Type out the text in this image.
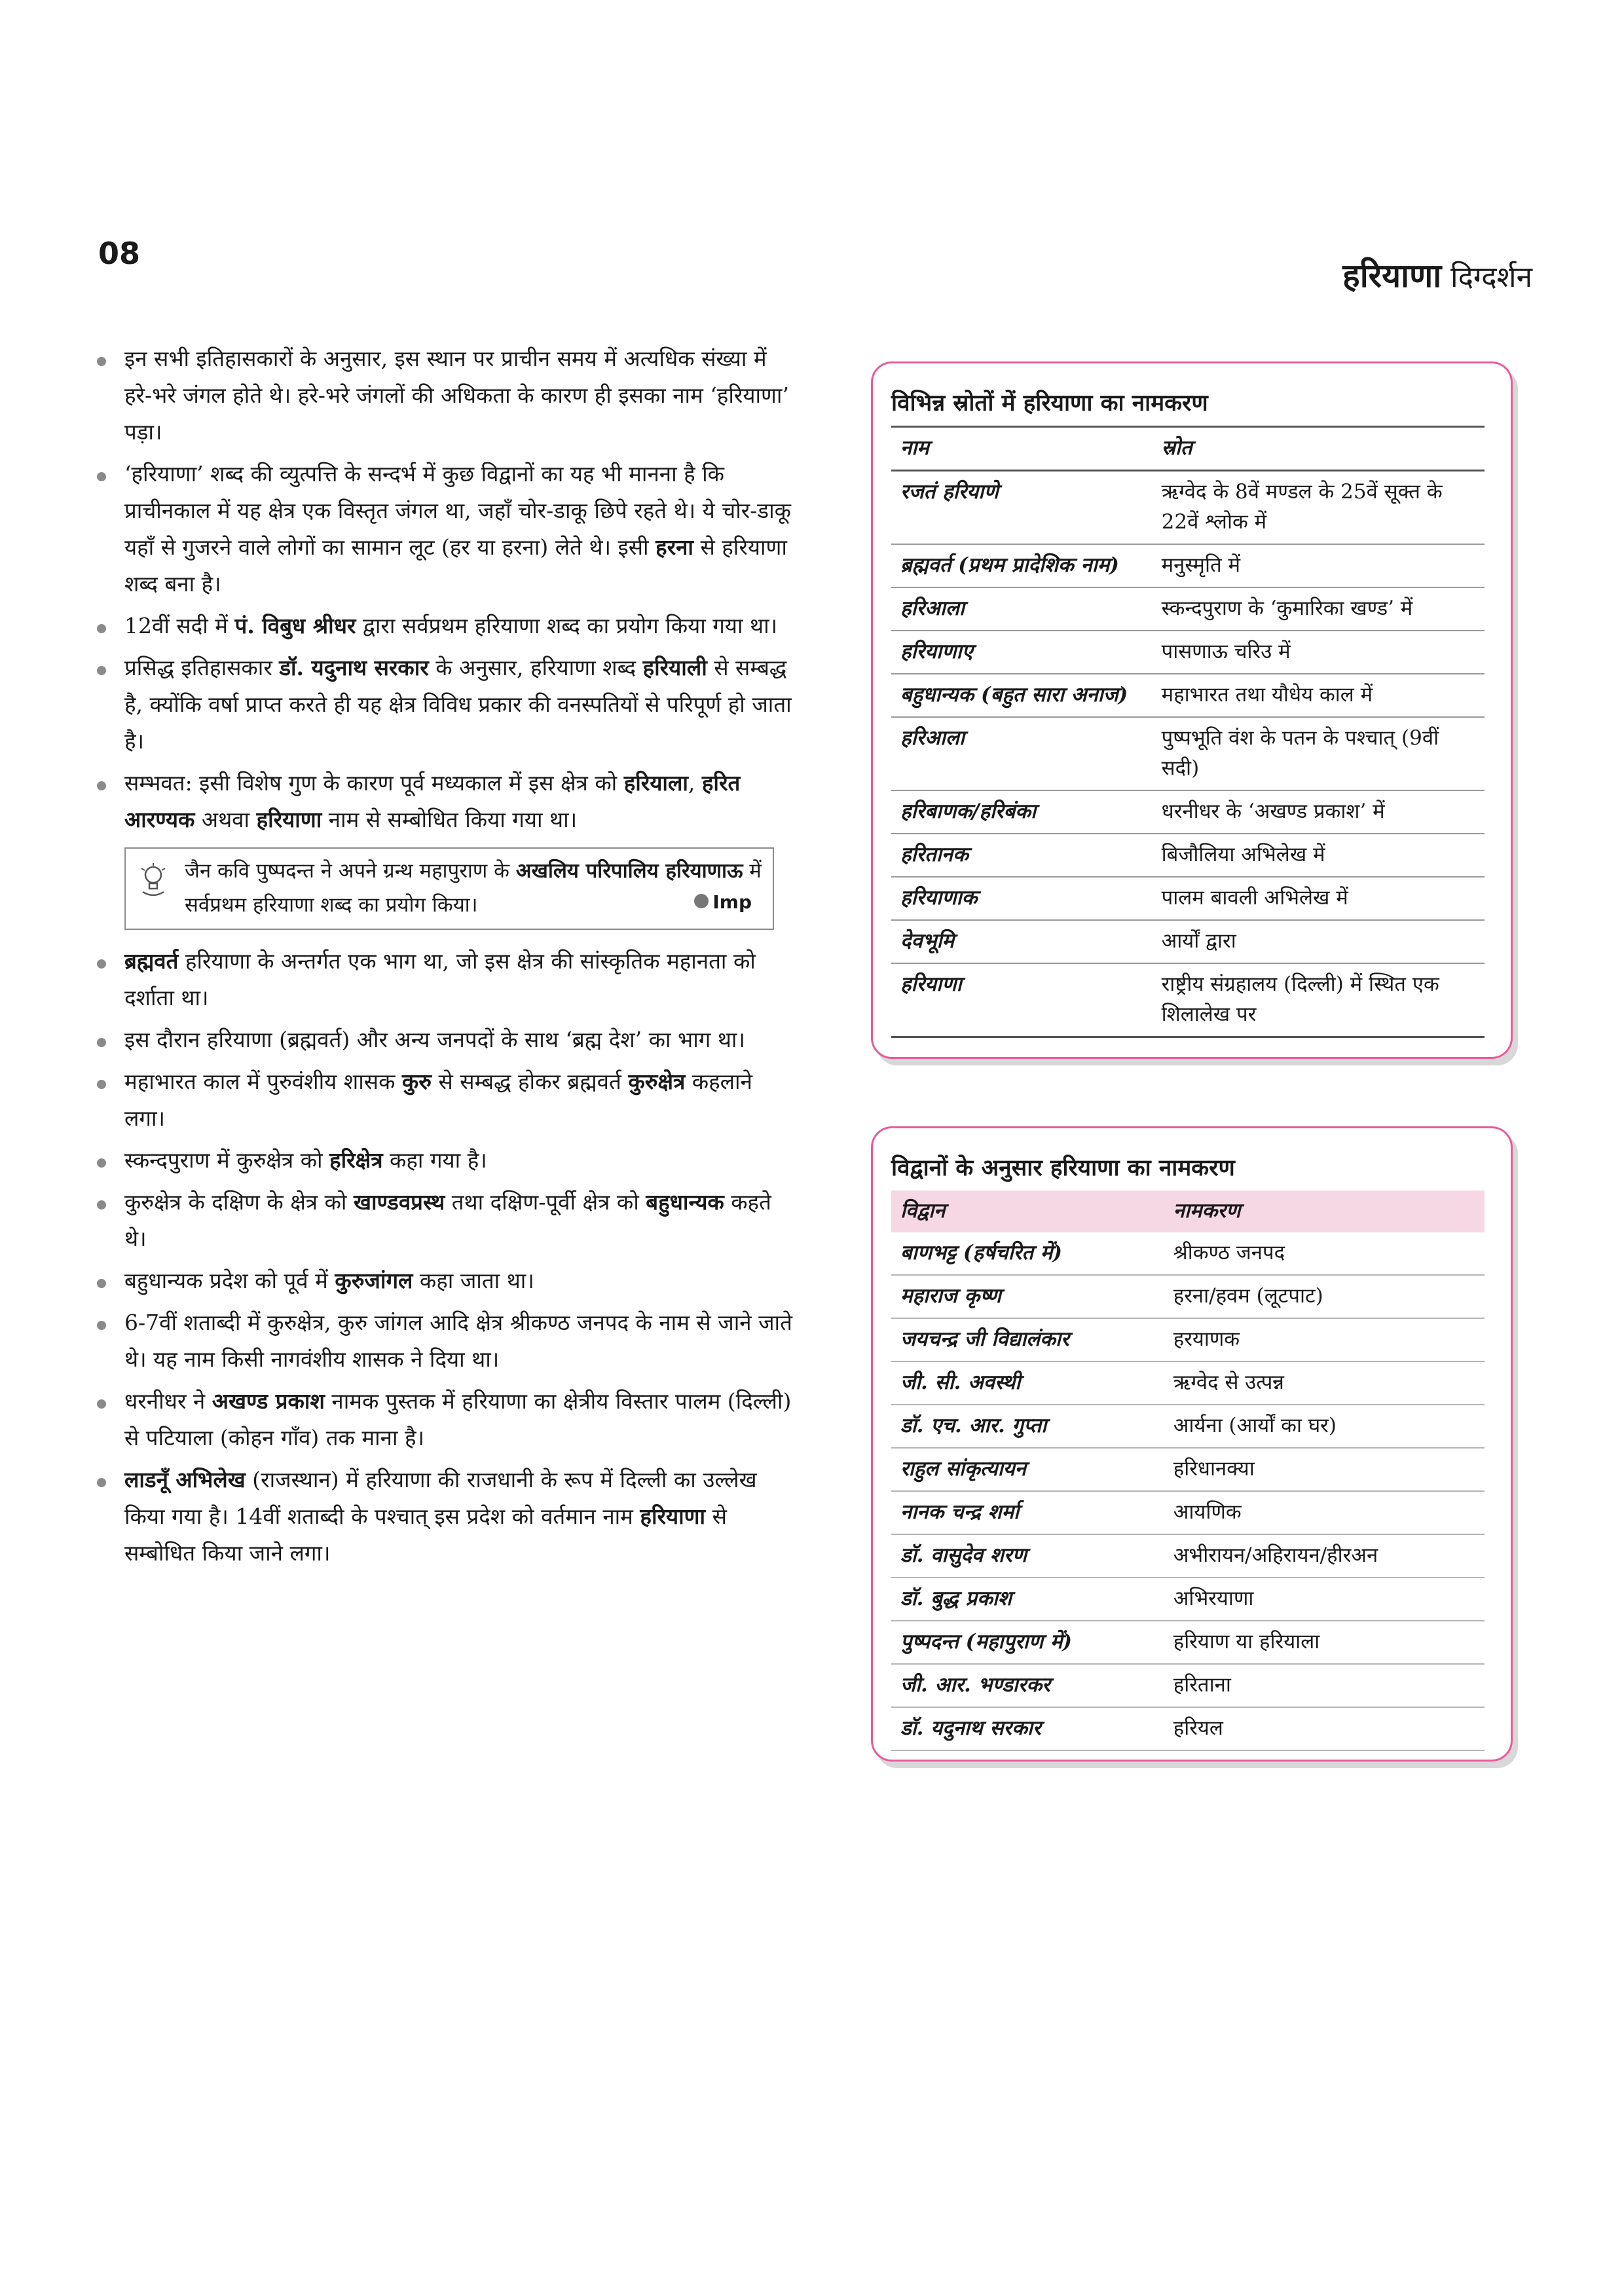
08
हरियाणा दिग्दर्शन
इन सभी इतिहासकारों के अनुसार, इस स्थान पर प्राचीन समय में अत्यधिक संख्या में हरे-भरे जंगल होते थे। हरे-भरे जंगलों की अधिकता के कारण ही इसका नाम ‘हरियाणा’ पड़ा।
‘हरियाणा’ शब्द की व्युत्पत्ति के सन्दर्भ में कुछ विद्वानों का यह भी मानना है कि प्राचीनकाल में यह क्षेत्र एक विस्तृत जंगल था, जहाँ चोर-डाकू छिपे रहते थे। ये चोर-डाकू यहाँ से गुजरने वाले लोगों का सामान लूट (हर या हरना) लेते थे। इसी हरना से हरियाणा शब्द बना है।
12वीं सदी में पं. विबुध श्रीधर द्वारा सर्वप्रथम हरियाणा शब्द का प्रयोग किया गया था।
प्रसिद्ध इतिहासकार डॉ. यदुनाथ सरकार के अनुसार, हरियाणा शब्द हरियाली से सम्बद्ध है, क्योंकि वर्षा प्राप्त करते ही यह क्षेत्र विविध प्रकार की वनस्पतियों से परिपूर्ण हो जाता है।
सम्भवत: इसी विशेष गुण के कारण पूर्व मध्यकाल में इस क्षेत्र को हरियाला, हरित आरण्यक अथवा हरियाणा नाम से सम्बोधित किया गया था।
जैन कवि पुष्पदन्त ने अपने ग्रन्थ महापुराण के अखलिय परिपालिय हरियाणाऊ में सर्वप्रथम हरियाणा शब्द का प्रयोग किया।	Imp
ब्रह्मवर्त हरियाणा के अन्तर्गत एक भाग था, जो इस क्षेत्र की सांस्कृतिक महानता को दर्शाता था।
इस दौरान हरियाणा (ब्रह्मवर्त) और अन्य जनपदों के साथ ‘ब्रह्म देश’ का भाग था।
महाभारत काल में पुरुवंशीय शासक कुरु से सम्बद्ध होकर ब्रह्मवर्त कुरुक्षेत्र कहलाने लगा।
स्कन्दपुराण में कुरुक्षेत्र को हरिक्षेत्र कहा गया है।
कुरुक्षेत्र के दक्षिण के क्षेत्र को खाण्डवप्रस्थ तथा दक्षिण-पूर्वी क्षेत्र को बहुधान्यक कहते थे।
बहुधान्यक प्रदेश को पूर्व में कुरुजांगल कहा जाता था।
6-7वीं शताब्दी में कुरुक्षेत्र, कुरु जांगल आदि क्षेत्र श्रीकण्ठ जनपद के नाम से जाने जाते थे। यह नाम किसी नागवंशीय शासक ने दिया था।
धरनीधर ने अखण्ड प्रकाश नामक पुस्तक में हरियाणा का क्षेत्रीय विस्तार पालम (दिल्ली) से पटियाला (कोहन गाँव) तक माना है।
लाडनूँ अभिलेख (राजस्थान) में हरियाणा की राजधानी के रूप में दिल्ली का उल्लेख किया गया है। 14वीं शताब्दी के पश्चात् इस प्रदेश को वर्तमान नाम हरियाणा से सम्बोधित किया जाने लगा।
विभिन्न स्रोतों में हरियाणा का नामकरण
नाम	स्रोत
रजतं हरियाणे	ऋग्वेद के 8वें मण्डल के 25वें सूक्त के 22वें श्लोक में
ब्रह्मवर्त (प्रथम प्रादेशिक नाम)	मनुस्मृति में
हरिआला	स्कन्दपुराण के ‘कुमारिका खण्ड’ में
हरियाणाए	पासणाऊ चरिउ में
बहुधान्यक (बहुत सारा अनाज)	महाभारत तथा यौधेय काल में
हरिआला	पुष्पभूति वंश के पतन के पश्चात् (9वीं सदी)
हरिबाणक/हरिबंका	धरनीधर के ‘अखण्ड प्रकाश’ में
हरितानक	बिजौलिया अभिलेख में
हरियाणाक	पालम बावली अभिलेख में
देवभूमि	आर्यों द्वारा
हरियाणा	राष्ट्रीय संग्रहालय (दिल्ली) में स्थित एक शिलालेख पर
विद्वानों के अनुसार हरियाणा का नामकरण
विद्वान	नामकरण
बाणभट्ट (हर्षचरित में)	श्रीकण्ठ जनपद
महाराज कृष्ण	हरना/हवम (लूटपाट)
जयचन्द्र जी विद्यालंकार	हरयाणक
जी. सी. अवस्थी	ऋग्वेद से उत्पन्न
डॉ. एच. आर. गुप्ता	आर्यना (आर्यों का घर)
राहुल सांकृत्यायन	हरिधानक्या
नानक चन्द्र शर्मा	आयणिक
डॉ. वासुदेव शरण	अभीरायन/अहिरायन/हीरअन
डॉ. बुद्ध प्रकाश	अभिरयाणा
पुष्पदन्त (महापुराण में)	हरियाण या हरियाला
जी. आर. भण्डारकर	हरिताना
डॉ. यदुनाथ सरकार	हरियल
